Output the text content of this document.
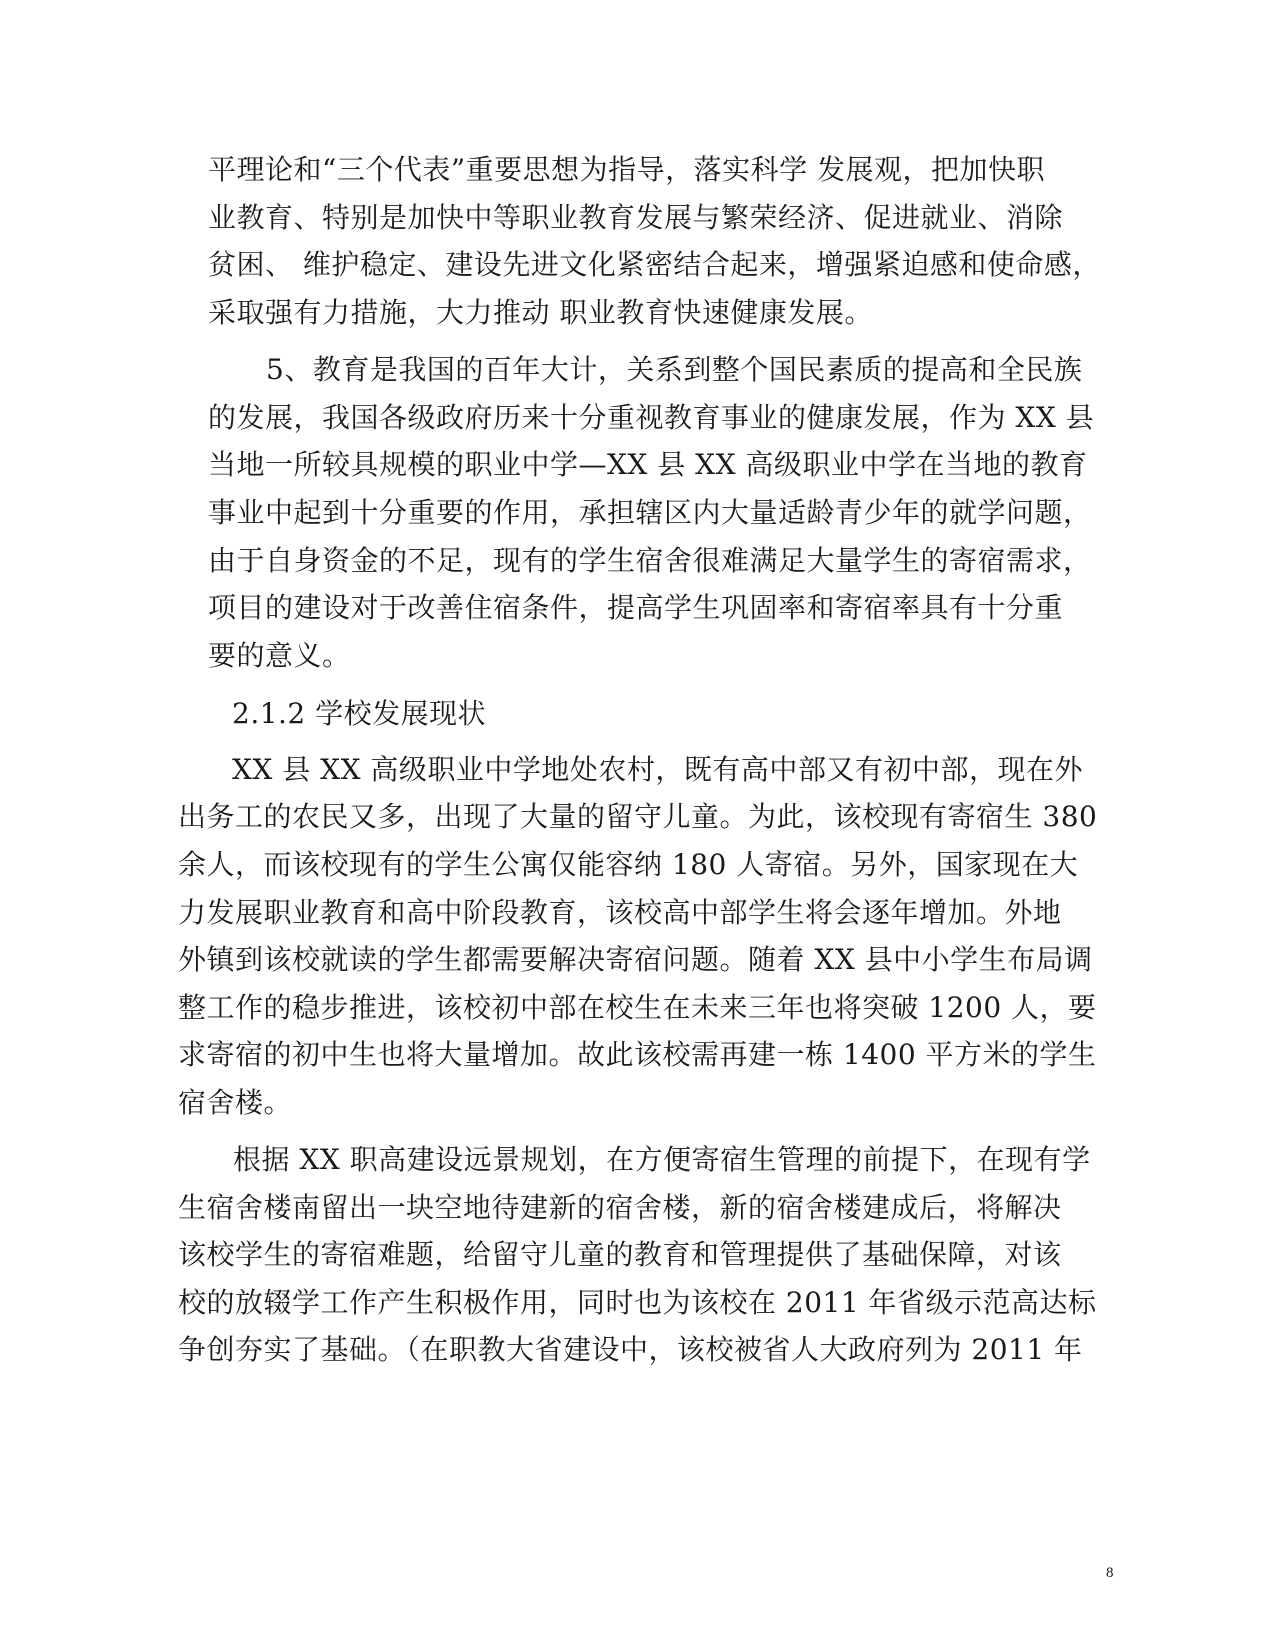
平理论和“三个代表”重要思想为指导，落实科学 发展观，把加快职
业教育、特别是加快中等职业教育发展与繁荣经济、促进就业、消除
贫困、 维护稳定、建设先进文化紧密结合起来，增强紧迫感和使命感，
采取强有力措施，大力推动 职业教育快速健康发展。
5、教育是我国的百年大计，关系到整个国民素质的提高和全民族
的发展，我国各级政府历来十分重视教育事业的健康发展，作为 XX 县
当地一所较具规模的职业中学—XX 县 XX 高级职业中学在当地的教育
事业中起到十分重要的作用，承担辖区内大量适龄青少年的就学问题，
由于自身资金的不足，现有的学生宿舍很难满足大量学生的寄宿需求，
项目的建设对于改善住宿条件，提高学生巩固率和寄宿率具有十分重
要的意义。
2.1.2 学校发展现状
XX 县 XX 高级职业中学地处农村，既有高中部又有初中部，现在外
出务工的农民又多，出现了大量的留守儿童。为此，该校现有寄宿生 380
余人，而该校现有的学生公寓仅能容纳 180 人寄宿。另外，国家现在大
力发展职业教育和高中阶段教育，该校高中部学生将会逐年增加。外地
外镇到该校就读的学生都需要解决寄宿问题。随着 XX 县中小学生布局调
整工作的稳步推进，该校初中部在校生在未来三年也将突破 1200 人，要
求寄宿的初中生也将大量增加。故此该校需再建一栋 1400 平方米的学生
宿舍楼。
根据 XX 职高建设远景规划，在方便寄宿生管理的前提下，在现有学
生宿舍楼南留出一块空地待建新的宿舍楼，新的宿舍楼建成后，将解决
该校学生的寄宿难题，给留守儿童的教育和管理提供了基础保障，对该
校的放辍学工作产生积极作用，同时也为该校在 2011 年省级示范高达标
争创夯实了基础。（在职教大省建设中，该校被省人大政府列为 2011 年
8
